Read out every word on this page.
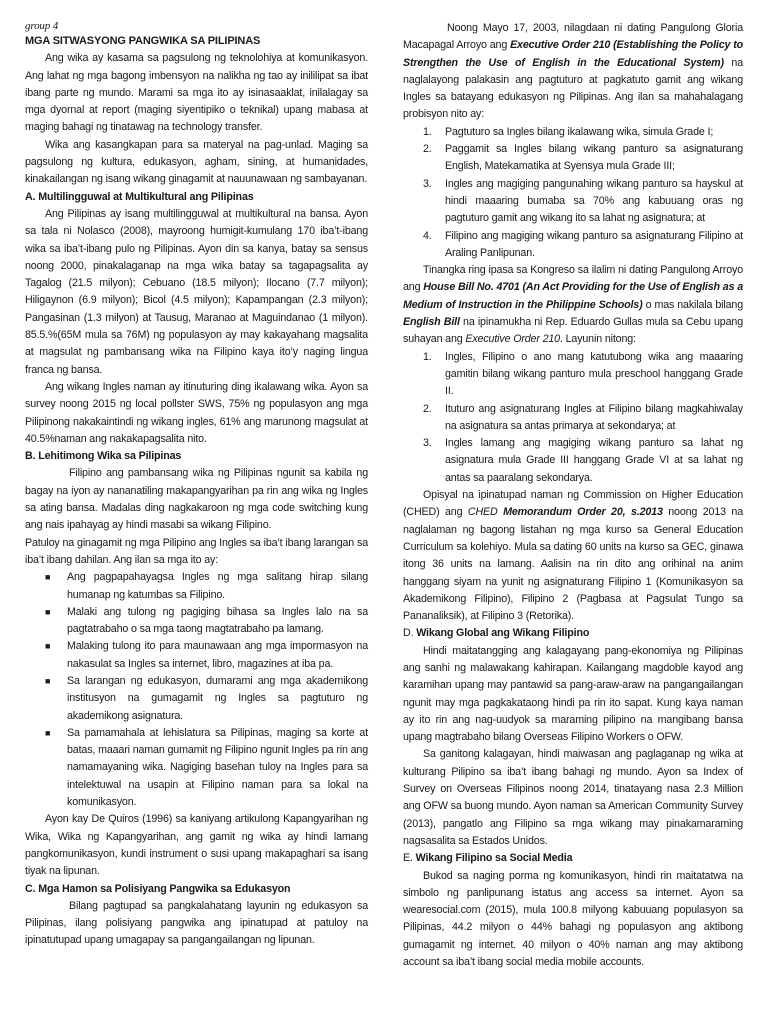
group 4

MGA SITWASYONG PANGWIKA SA PILIPINAS

Ang wika ay kasama sa pagsulong ng teknolohiya at komunikasyon. Ang lahat ng mga bagong imbensyon na nalikha ng tao ay inililipat sa ibat ibang parte ng mundo. Marami sa mga ito ay isinasaaklat, inilalagay sa mga dyornal at report (maging siyentipiko o teknikal) upang mabasa at maging bahagi ng tinatawag na technology transfer.

Wika ang kasangkapan para sa materyal na pag-unlad. Maging sa pagsulong ng kultura, edukasyon, agham, sining, at humanidades, kinakailangan ng isang wikang ginagamit at nauunawaan ng sambayanan.

A. Multilingguwal at Multikultural ang Pilipinas

Ang Pilipinas ay isang multilingguwal at multikultural na bansa. Ayon sa tala ni Nolasco (2008), mayroong humigit-kumulang 170 iba’t-ibang wika sa iba’t-ibang pulo ng Pilipinas. Ayon din sa kanya, batay sa sensus noong 2000, pinakalaganap na mga wika batay sa tagapagsalita ay Tagalog (21.5 milyon); Cebuano (18.5 milyon); Ilocano (7.7 milyon); Hiligaynon (6.9 milyon); Bicol (4.5 milyon); Kapampangan (2.3 milyon); Pangasinan (1.3 milyon) at Tausug, Maranao at Maguindanao (1 milyon). 85.5.%(65M mula sa 76M) ng populasyon ay may kakayahang magsalita at magsulat ng pambansang wika na Filipino kaya ito’y naging lingua franca ng bansa.

Ang wikang Ingles naman ay itinuturing ding ikalawang wika. Ayon sa survey noong 2015 ng local pollster SWS, 75% ng populasyon ang mga Pilipinong nakakaintindi ng wikang ingles, 61% ang marunong magsulat at 40.5%naman ang nakakapagsalita nito.

B. Lehitimong Wika sa Pilipinas

Filipino ang pambansang wika ng Pilipinas ngunit sa kabila ng bagay na iyon ay nananatiling makapangyarihan pa rin ang wika ng Ingles sa ating bansa. Madalas ding nagkakaroon ng mga code switching kung ang nais ipahayag ay hindi masabi sa wikang Filipino.

Patuloy na ginagamit ng mga Pilipino ang Ingles sa iba’t ibang larangan sa iba’t ibang dahilan. Ang ilan sa mga ito ay:

■ Ang pagpapahayagsa Ingles ng mga salitang hirap silang humanap ng katumbas sa Filipino.
■ Malaki ang tulong ng pagiging bihasa sa Ingles lalo na sa pagtatrabaho o sa mga taong magtatrabaho pa lamang.
■ Malaking tulong ito para maunawaan ang mga impormasyon na nakasulat sa Ingles sa internet, libro, magazines at iba pa.
■ Sa larangan ng edukasyon, dumarami ang mga akademikong institusyon na gumagamit ng Ingles sa pagtuturo ng akademikong asignatura.
■ Sa pamamahala at lehislatura sa Pilipinas, maging sa korte at batas, maaari naman gumamit ng Filipino ngunit Ingles pa rin ang namamayaning wika. Nagiging basehan tuloy na Ingles para sa intelektuwal na usapin at Filipino naman para sa lokal na komunikasyon.

Ayon kay De Quiros (1996) sa kaniyang artikulong Kapangyarihan ng Wika, Wika ng Kapangyarihan, ang gamit ng wika ay hindi lamang pangkomunikasyon, kundi instrument o susi upang makapaghari sa isang tiyak na lipunan.

C. Mga Hamon sa Polisiyang Pangwika sa Edukasyon

Bilang pagtupad sa pangkalahatang layunin ng edukasyon sa Pilipinas, ilang polisiyang pangwika ang ipinatupad at patuloy na ipinatutupad upang umagapay sa pangangailangan ng lipunan.

Noong Mayo 17, 2003, nilagdaan ni dating Pangulong Gloria Macapagal Arroyo ang Executive Order 210 (Establishing the Policy to Strengthen the Use of English in the Educational System) na naglalayong palakasin ang pagtuturo at pagkatuto gamit ang wikang Ingles sa batayang edukasyon ng Pilipinas. Ang ilan sa mahahalagang probisyon nito ay:

1. Pagtuturo sa Ingles bilang ikalawang wika, simula Grade I;
2. Paggamit sa Ingles bilang wikang panturo sa asignaturang English, Matekamatika at Syensya mula Grade III;
3. Ingles ang magiging pangunahing wikang panturo sa hayskul at hindi maaaring bumaba sa 70% ang kabuuang oras ng pagtuturo gamit ang wikang ito sa lahat ng asignatura; at
4. Filipino ang magiging wikang panturo sa asignaturang Filipino at Araling Panlipunan.

Tinangka ring ipasa sa Kongreso sa ilalim ni dating Pangulong Arroyo ang House Bill No. 4701 (An Act Providing for the Use of English as a Medium of Instruction in the Philippine Schools) o mas nakilala bilang English Bill na ipinamukha ni Rep. Eduardo Gullas mula sa Cebu upang suhayan ang Executive Order 210. Layunin nitong:

1. Ingles, Filipino o ano mang katutubong wika ang maaaring gamitin bilang wikang panturo mula preschool hanggang Grade II.
2. Ituturo ang asignaturang Ingles at Filipino bilang magkahiwalay na asignatura sa antas primarya at sekondarya; at
3. Ingles lamang ang magiging wikang panturo sa lahat ng asignatura mula Grade III hanggang Grade VI at sa lahat ng antas sa paaralang sekondarya.

Opisyal na ipinatupad naman ng Commission on Higher Education (CHED) ang CHED Memorandum Order 20, s.2013 noong 2013 na naglalaman ng bagong listahan ng mga kurso sa General Education Curriculum sa kolehiyo. Mula sa dating 60 units na kurso sa GEC, ginawa itong 36 units na lamang. Aalisin na rin dito ang orihinal na anim hanggang siyam na yunit ng asignaturang Filipino 1 (Komunikasyon sa Akademikong Filipino), Filipino 2 (Pagbasa at Pagsulat Tungo sa Pananaliksik), at Filipino 3 (Retorika).

D. Wikang Global ang Wikang Filipino

Hindi maitatangging ang kalagayang pang-ekonomiya ng Pilipinas ang sanhi ng malawakang kahirapan. Kailangang magdoble kayod ang karamihan upang may pantawid sa pang-araw-araw na pangangailangan ngunit may mga pagkakataong hindi pa rin ito sapat. Kung kaya naman ay ito rin ang nag-uudyok sa maraming pilipino na mangibang bansa upang magtrabaho bilang Overseas Filipino Workers o OFW.

Sa ganitong kalagayan, hindi maiwasan ang paglaganap ng wika at kulturang Pilipino sa iba’t ibang bahagi ng mundo. Ayon sa Index of Survey on Overseas Filipinos noong 2014, tinatayang nasa 2.3 Million ang OFW sa buong mundo. Ayon naman sa American Community Survey (2013), pangatlo ang Filipino sa mga wikang may pinakamaraming nagsasalita sa Estados Unidos.

E. Wikang Filipino sa Social Media

Bukod sa naging porma ng komunikasyon, hindi rin maitatatwa na simbolo ng panlipunang istatus ang access sa internet. Ayon sa wearesocial.com (2015), mula 100.8 milyong kabuuang populasyon sa Pilipinas, 44.2 milyon o 44% bahagi ng populasyon ang aktibong gumagamit ng internet. 40 milyon o 40% naman ang may aktibong account sa iba’t ibang social media mobile accounts.
